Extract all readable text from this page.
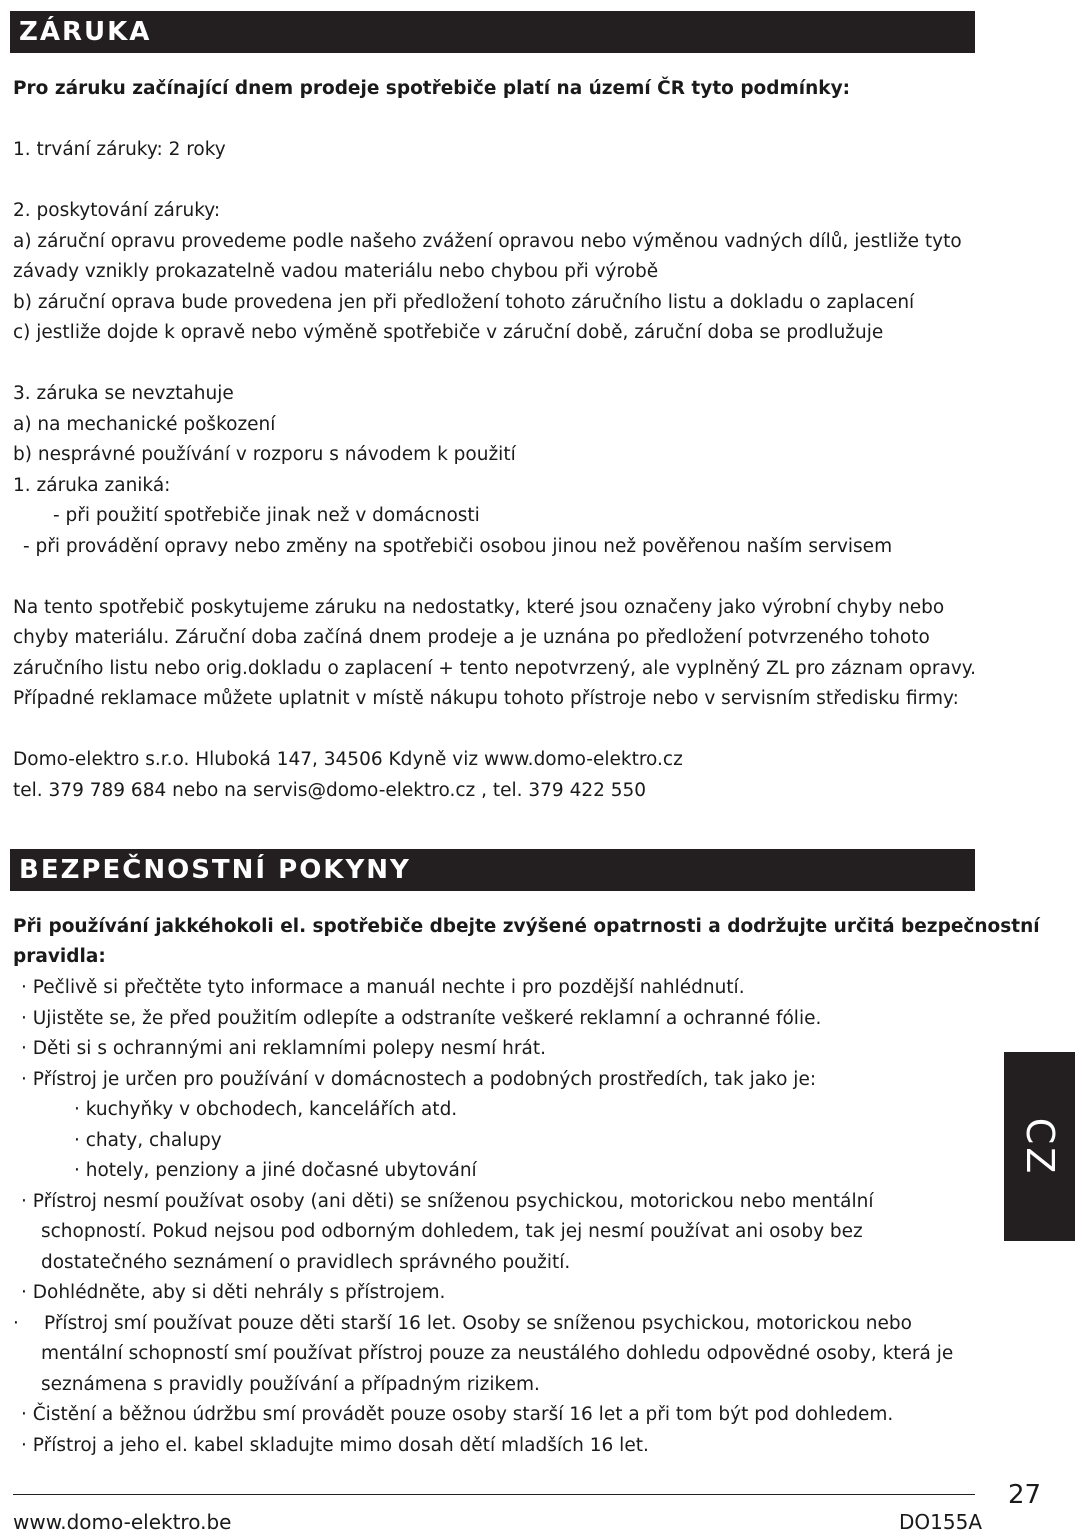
ZÁRUKA
Pro záruku začínající dnem prodeje spotřebiče platí na území ČR tyto podmínky:
1. trvání záruky: 2 roky
2. poskytování záruky:
a) záruční opravu provedeme podle našeho zvážení opravou nebo výměnou vadných dílů, jestliže tyto
závady vznikly prokazatelně vadou materiálu nebo chybou při výrobě
b) záruční oprava bude provedena jen při předložení tohoto záručního listu a dokladu o zaplacení
c) jestliže dojde k opravě nebo výměně spotřebiče v záruční době, záruční doba se prodlužuje
3. záruka se nevztahuje
a) na mechanické poškození
b) nesprávné používání v rozporu s návodem k použití
1. záruka zaniká:
- při použití spotřebiče jinak než v domácnosti
- při provádění opravy nebo změny na spotřebiči osobou jinou než pověřenou naším servisem
Na tento spotřebič poskytujeme záruku na nedostatky, které jsou označeny jako výrobní chyby nebo
chyby materiálu. Záruční doba začíná dnem prodeje a je uznána po předložení potvrzeného tohoto
záručního listu nebo orig.dokladu o zaplacení + tento nepotvrzený, ale vyplněný ZL pro záznam opravy.
Případné reklamace můžete uplatnit v místě nákupu tohoto přístroje nebo v servisním středisku firmy:
Domo-elektro s.r.o. Hluboká 147, 34506 Kdyně viz www.domo-elektro.cz
tel. 379 789 684 nebo na servis@domo-elektro.cz , tel. 379 422 550
BEZPEČNOSTNÍ POKYNY
Při používání jakkéhokoli el. spotřebiče dbejte zvýšené opatrnosti a dodržujte určitá bezpečnostní
pravidla:
· Pečlivě si přečtěte tyto informace a manuál nechte i pro pozdější nahlédnutí.
· Ujistěte se, že před použitím odlepíte a odstraníte veškeré reklamní a ochranné fólie.
· Děti si s ochrannými ani reklamními polepy nesmí hrát.
· Přístroj je určen pro používání v domácnostech a podobných prostředích, tak jako je:
· kuchyňky v obchodech, kancelářích atd.
· chaty, chalupy
· hotely, penziony a jiné dočasné ubytování
· Přístroj nesmí používat osoby (ani děti) se sníženou psychickou, motorickou nebo mentální
schopností. Pokud nejsou pod odborným dohledem, tak jej nesmí používat ani osoby bez
dostatečného seznámení o pravidlech správného použití.
· Dohlédněte, aby si děti nehrály s přístrojem.
· Přístroj smí používat pouze děti starší 16 let. Osoby se sníženou psychickou, motorickou nebo
mentální schopností smí používat přístroj pouze za neustálého dohledu odpovědné osoby, která je
seznámena s pravidly používání a případným rizikem.
· Čistění a běžnou údržbu smí provádět pouze osoby starší 16 let a při tom být pod dohledem.
· Přístroj a jeho el. kabel skladujte mimo dosah dětí mladších 16 let.
CZ
27
www.domo-elektro.be	DO155A
